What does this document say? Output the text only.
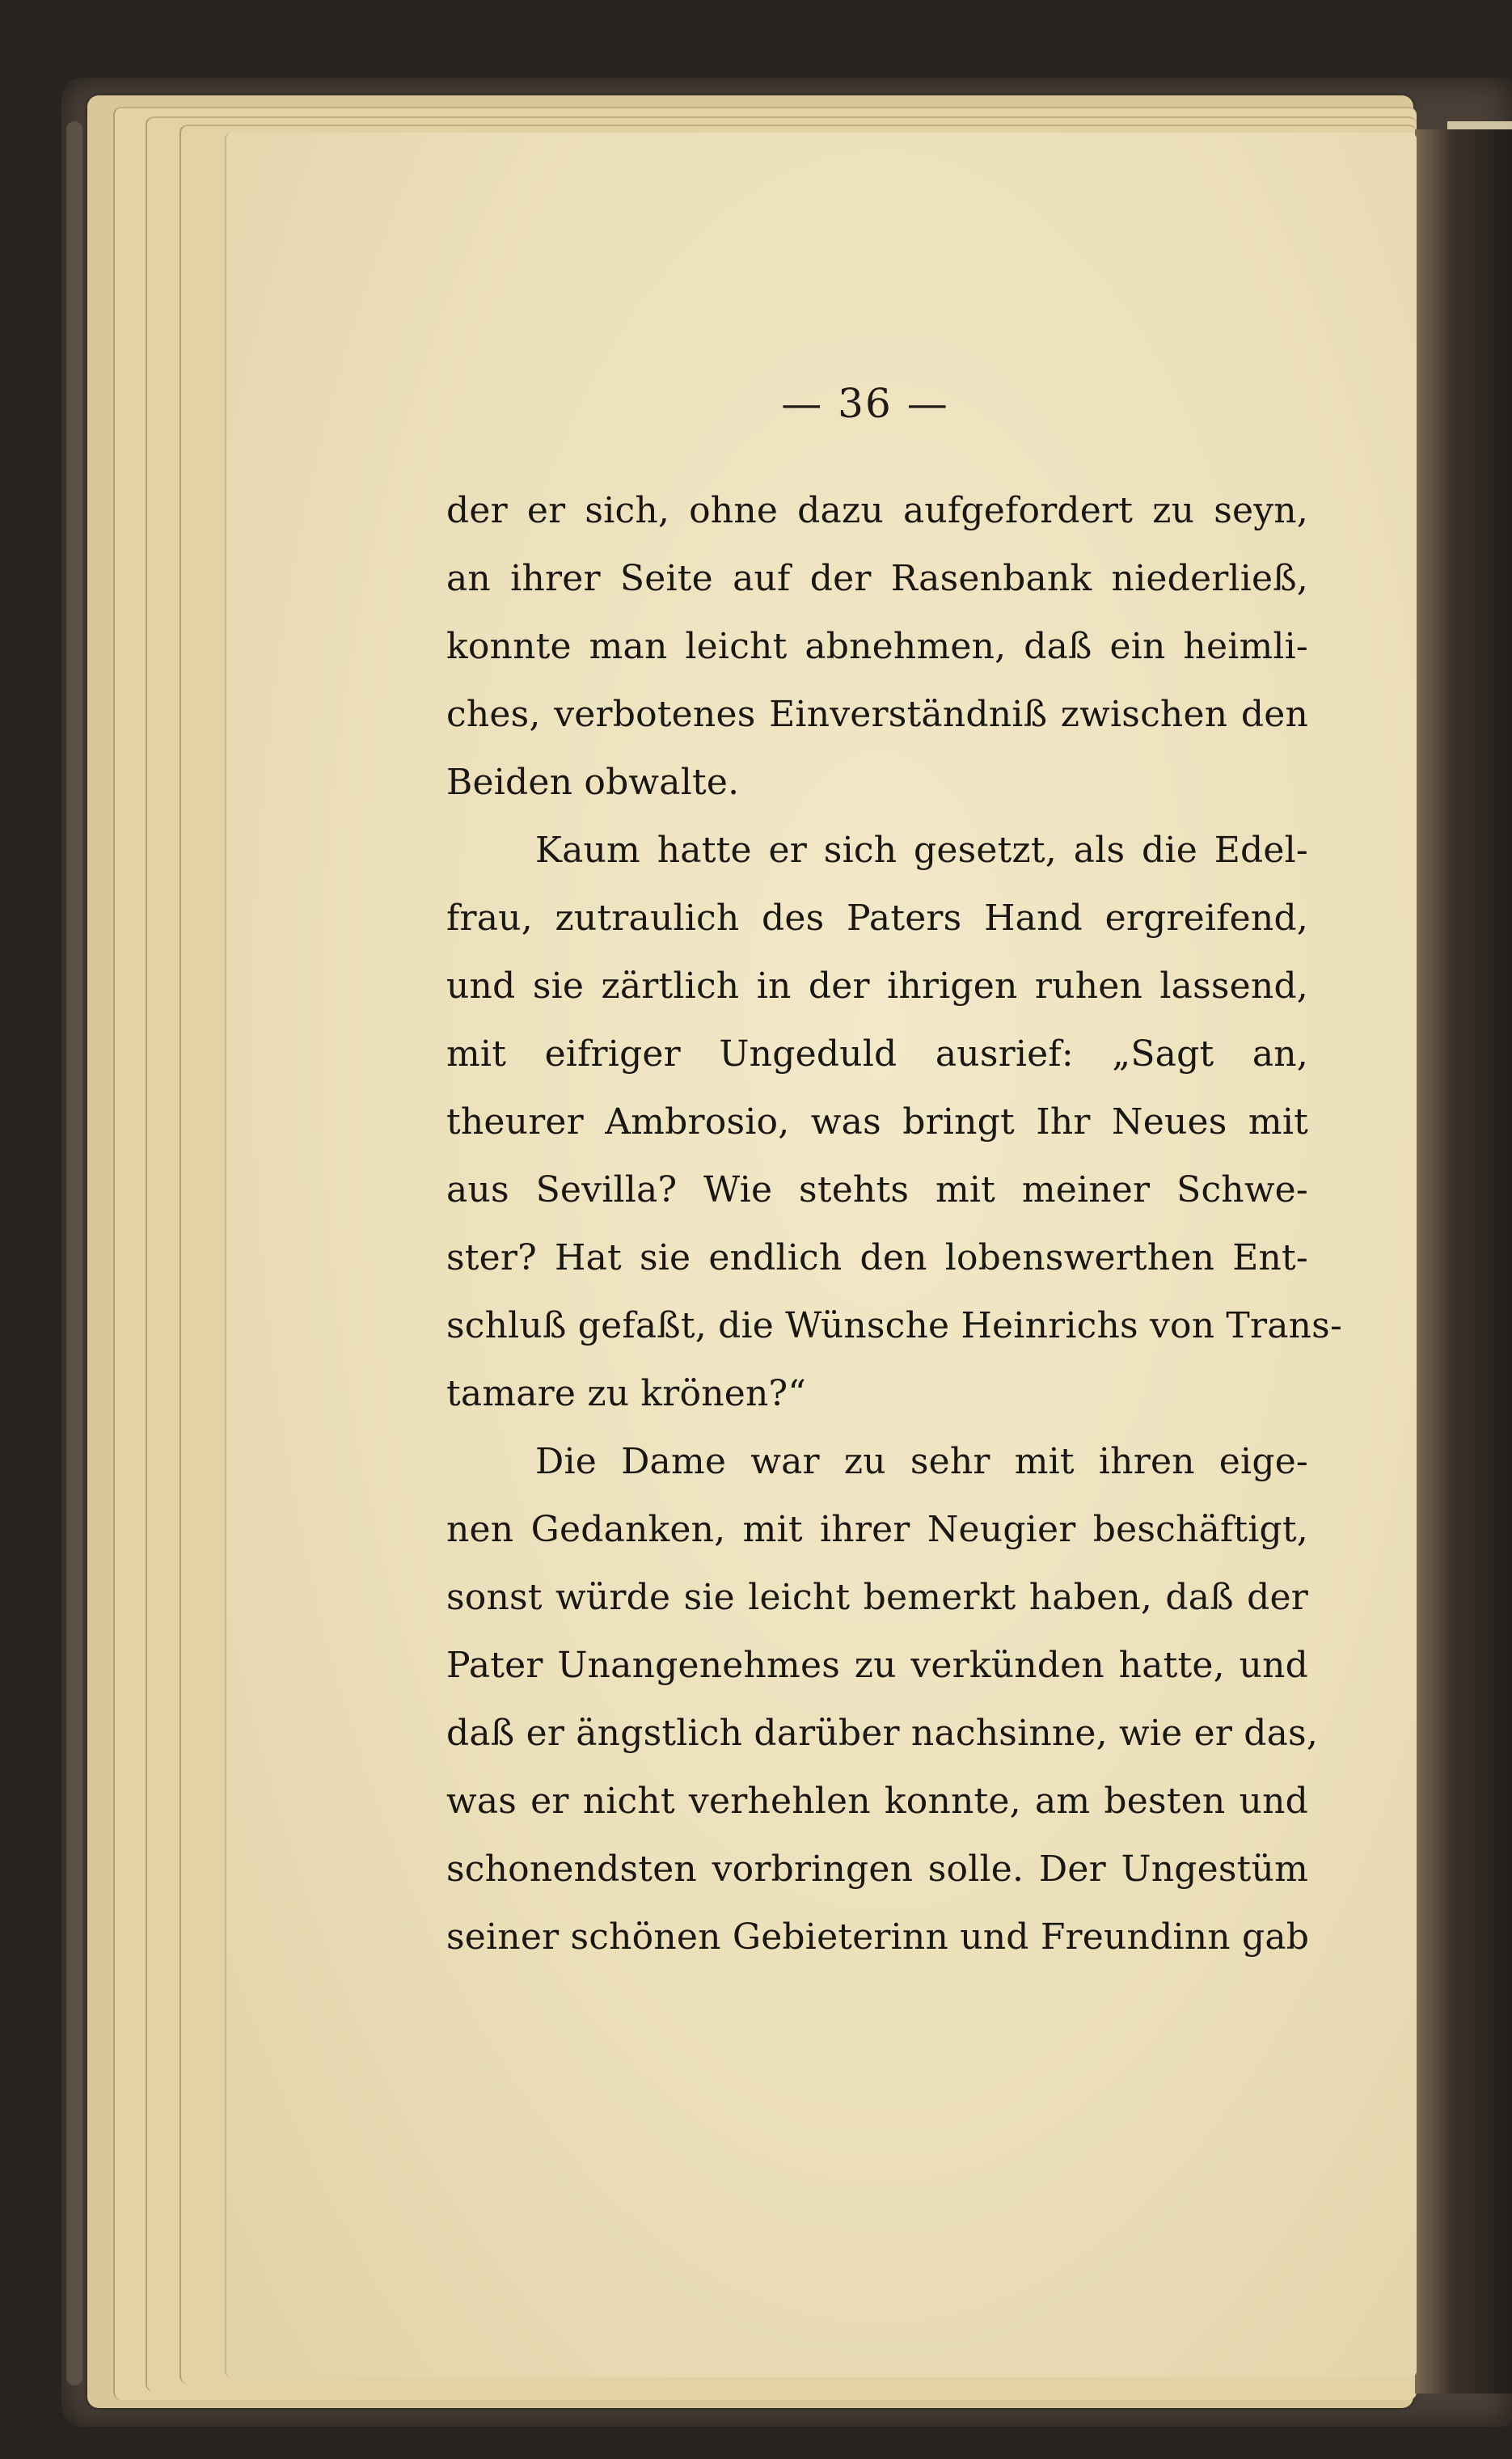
— 36 —
der er sich, ohne dazu aufgefordert zu seyn,
an ihrer Seite auf der Rasenbank niederließ,
konnte man leicht abnehmen, daß ein heimli-
ches, verbotenes Einverständniß zwischen den
Beiden obwalte.
Kaum hatte er sich gesetzt, als die Edel-
frau, zutraulich des Paters Hand ergreifend,
und sie zärtlich in der ihrigen ruhen lassend,
mit eifriger Ungeduld ausrief: „Sagt an,
theurer Ambrosio, was bringt Ihr Neues mit
aus Sevilla? Wie stehts mit meiner Schwe-
ster? Hat sie endlich den lobenswerthen Ent-
schluß gefaßt, die Wünsche Heinrichs von Trans-
tamare zu krönen?“
Die Dame war zu sehr mit ihren eige-
nen Gedanken, mit ihrer Neugier beschäftigt,
sonst würde sie leicht bemerkt haben, daß der
Pater Unangenehmes zu verkünden hatte, und
daß er ängstlich darüber nachsinne, wie er das,
was er nicht verhehlen konnte, am besten und
schonendsten vorbringen solle. Der Ungestüm
seiner schönen Gebieterinn und Freundinn gab
